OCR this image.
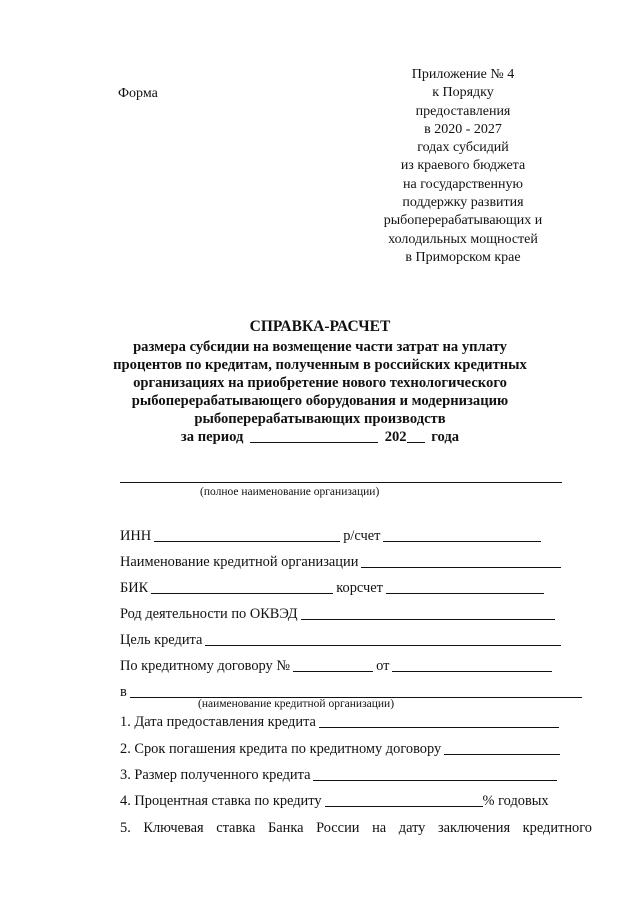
Форма
Приложение № 4
к Порядку
предоставления
в 2020 - 2027
годах субсидий
из краевого бюджета
на государственную
поддержку развития
рыбоперерабатывающих и
холодильных мощностей
в Приморском крае
СПРАВКА-РАСЧЕТ
размера субсидии на возмещение части затрат на уплату
процентов по кредитам, полученным в российских кредитных
организациях на приобретение нового технологического
рыбоперерабатывающего оборудования и модернизацию
рыбоперерабатывающих производств
за период	202 года
(полное наименование организации)
ИНН	р/счет
Наименование кредитной организации
БИК	корсчет
Род деятельности по ОКВЭД
Цель кредита
По кредитному договору №	от
в
(наименование кредитной организации)
1. Дата предоставления кредита
2. Срок погашения кредита по кредитному договору
3. Размер полученного кредита
4. Процентная ставка по кредиту	% годовых
5. Ключевая ставка Банка России на дату заключения кредитного
